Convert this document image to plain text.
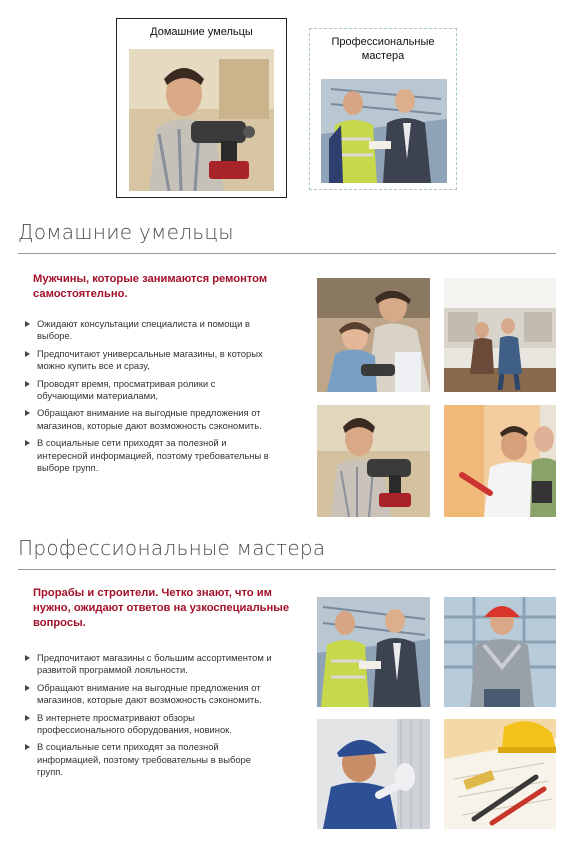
Домашние умельцы
Профессиональные мастера
Домашние умельцы
Мужчины, которые занимаются ремонтом самостоятельно.
Ожидают консультации специалиста и помощи в выборе.
Предпочитают универсальные магазины, в которых можно купить все и сразу,
Проводят время, просматривая ролики с обучающими материалами,
Обращают внимание на выгодные предложения от магазинов, которые дают возможность сэкономить.
В социальные сети приходят за полезной и интересной информацией, поэтому требовательны в выборе групп.
Профессиональные мастера
Прорабы и строители. Четко знают, что им нужно, ожидают ответов на узкоспециальные вопросы.
Предпочитают магазины с большим ассортиментом и развитой программой лояльности.
Обращают внимание на выгодные предложения от магазинов, которые дают возможность сэкономить.
В интернете просматривают обзоры профессионального оборудования, новинок.
В социальные сети приходят за полезной информацией, поэтому требовательны в выборе групп.
